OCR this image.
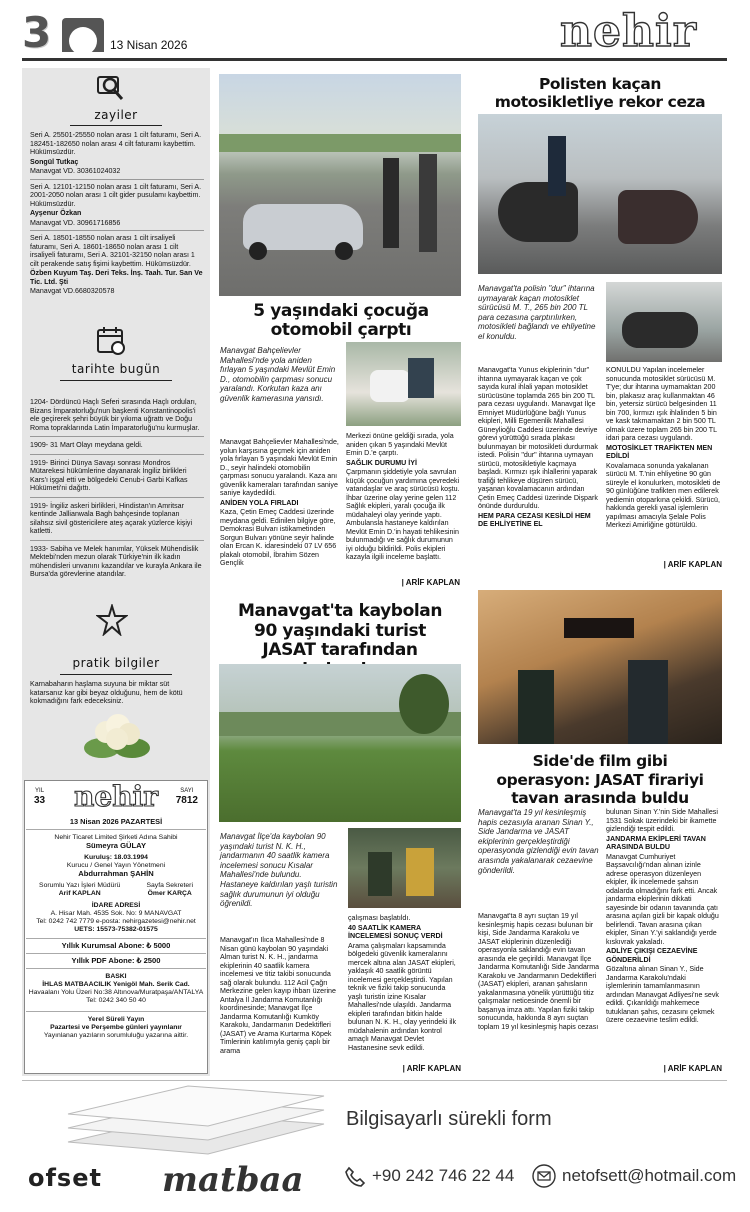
3	13 Nisan 2026	nehir
zayiler

Seri A. 25501-25550 nolan arası 1 cilt faturamı, Seri A. 182451-182650 nolan arası 4 cilt faturamı kaybettim. Hükümsüzdür.

Songül Tutkaç

Manavgat VD. 30361024032

Seri A. 12101-12150 nolan arası 1 cilt faturamı, Seri A. 2001-2050 nolan arası 1 cilt gider pusulamı kaybettim. Hükümsüzdür.

Ayşenur Özkan

Manavgat VD. 30961716856

Seri A. 18501-18550 nolan arası 1 cilt irsaliyeli faturamı, Seri A. 18601-18650 nolan arası 1 cilt irsaliyeli faturamı, Seri A. 32101-32150 nolan arası 1 cilt perakende satış fişimi kaybettim. Hükümsüzdür.

Özben Kuyum Taş. Deri Teks. İnş. Taah. Tur. San Ve Tic. Ltd. Şti

Manavgat VD.6680320578

tarihte bugün

1204- Dördüncü Haçlı Seferi sırasında Haçlı orduları, Bizans İmparatorluğu'nun başkenti Konstantinopolis'i ele geçirerek şehri büyük bir yıkıma uğrattı ve Doğu Roma topraklarında Latin İmparatorluğu'nu kurmuşlar.

1909- 31 Mart Olayı meydana geldi.

1919- Birinci Dünya Savaşı sonrası Mondros Mütarekesi hükümlerine dayanarak İngiliz birlikleri Kars'ı işgal etti ve bölgedeki Cenub-i Garbi Kafkas Hükümeti'ni dağıttı.

1919- İngiliz askeri birlikleri, Hindistan'ın Amritsar kentinde Jallianwala Bagh bahçesinde toplanan silahsız sivil göstericilere ateş açarak yüzlerce kişiyi katletti.

1933- Sabiha ve Melek hanımlar, Yüksek Mühendislik Mektebi'nden mezun olarak Türkiye'nin ilk kadın mühendisleri unvanını kazandılar ve kurayla Ankara ile Bursa'da görevlerine atandılar.

pratik bilgiler
Karnabaharın haşlama suyuna bir miktar süt katarsanız kar gibi beyaz olduğunu, hem de kötü kokmadığını fark edeceksiniz.
YIL
33 nehir	SAYI
7812
13 Nisan 2026 PAZARTESİ
Nehir Ticaret Limited Şirketi Adına Sahibi
Sümeyra GÜLAY
Kuruluş: 18.03.1994
Kurucu / Genel Yayın Yönetmeni
Abdurrahman ŞAHİN
Sorumlu Yazı İşleri Müdürü
Arif KAPLAN
Sayfa Sekreteri
Ömer KARÇA
İDARE ADRESİ
A. Hisar Mah. 4535 Sok. No: 9 MANAVGAT
Tel: 0242 742 7779 e-posta: nehirgazetesi@nehir.net
UETS: 15573-75382-01575
Yıllık Kurumsal Abone: ₺ 5000
Yıllık PDF Abone: ₺ 2500
BASKI
İHLAS MATBAACILIK Yenigöl Mah. Serik Cad.
Havaalanı Yolu Üzeri No:38 Altınova/Muratpaşa/ANTALYA
Tel: 0242 340 50 40
Yerel Süreli Yayın
Pazartesi ve Perşembe günleri yayınlanır
Yayınlanan yazıların sorumluluğu yazarına aittir.
5 yaşındaki çocuğa otomobil çarptı
Manavgat Bahçelievler Mahallesi'nde yola aniden fırlayan 5 yaşındaki Mevlüt Emin D., otomobilin çarpması sonucu yaralandı. Korkutan kaza anı güvenlik kamerasına yansıdı.

Manavgat Bahçelievler Mahallesi'nde, yolun karşısına geçmek için aniden yola fırlayan 5 yaşındaki Mevlüt Emin D., seyir halindeki otomobilin çarpması sonucu yaralandı. Kaza anı güvenlik kameraları tarafından saniye saniye kaydedildi.

ANİDEN YOLA FIRLADI

Kaza, Çetin Emeç Caddesi üzerinde meydana geldi. Edinilen bilgiye göre, Demokrasi Bulvarı istikametinden Sorgun Bulvarı yönüne seyir halinde olan Ercan K. idaresindeki 07 LV 656 plakalı otomobil, İbrahim Sözen Gençlik

Merkezi önüne geldiği sırada, yola aniden çıkan 5 yaşındaki Mevlüt Emin D.'e çarptı.

SAĞLIK DURUMU İYİ

Çarpmanın şiddetiyle yola savrulan küçük çocuğun yardımına çevredeki vatandaşlar ve araç sürücüsü koştu. İhbar üzerine olay yerine gelen 112 Sağlık ekipleri, yaralı çocuğa ilk müdahaleyi olay yerinde yaptı. Ambulansla hastaneye kaldırılan Mevlüt Emin D.'in hayati tehlikesinin bulunmadığı ve sağlık durumunun iyi olduğu bildirildi. Polis ekipleri kazayla ilgili inceleme başlattı.

| ARİF KAPLAN
Polisten kaçan motosikletliye rekor ceza
Manavgat'ta polisin "dur" ihtarına uymayarak kaçan motosiklet sürücüsü M. T., 265 bin 200 TL para cezasına çarptırılırken, motosikleti bağlandı ve ehliyetine el konuldu.

Manavgat'ta Yunus ekiplerinin "dur" ihtarına uymayarak kaçan ve çok sayıda kural ihlali yapan motosiklet sürücüsüne toplamda 265 bin 200 TL para cezası uygulandı. Manavgat İlçe Emniyet Müdürlüğüne bağlı Yunus ekipleri, Milli Egemenlik Mahallesi Güneylioğlu Caddesi üzerinde devriye görevi yürüttüğü sırada plakası bulunmayan bir motosikleti durdurmak istedi. Polisin "dur" ihtarına uymayan sürücü, motosikletiyle kaçmaya başladı. Kırmızı ışık ihlallerini yaparak trafiği tehlikeye düşüren sürücü, yaşanan kovalamacanın ardından Çetin Emeç Caddesi üzerinde Dişpark önünde durduruldu.

HEM PARA CEZASI KESİLDİ HEM DE EHLİYETİNE EL

KONULDU Yapılan incelemeler sonucunda motosiklet sürücüsü M. T'ye; dur ihtarına uymamaktan 200 bin, plakasız araç kullanmaktan 46 bin, yetersiz sürücü belgesinden 11 bin 700, kırmızı ışık ihlalinden 5 bin ve kask takmamaktan 2 bin 500 TL olmak üzere toplam 265 bin 200 TL idari para cezası uygulandı.

MOTOSİKLET TRAFİKTEN MEN EDİLDİ

Kovalamaca sonunda yakalanan sürücü M. T.'nin ehliyetine 90 gün süreyle el konulurken, motosikleti de 90 günlüğüne trafikten men edilerek yediemin otoparkına çekildi. Sürücü, hakkında gerekli yasal işlemlerin yapılması amacıyla Şelale Polis Merkezi Amirliğine götürüldü.

| ARİF KAPLAN
Manavgat'ta kaybolan 90 yaşındaki turist JASAT tarafından
Manavgat İlçe'da kaybolan 90 yaşındaki turist N. K. H., jandarmanın 40 saatlik kamera incelemesi sonucu Kısalar Mahallesi'nde bulundu. Hastaneye kaldırılan yaşlı turistin sağlık durumunun iyi olduğu öğrenildi.
Manavgat'ın Ilıca Mahallesi'nde 8 Nisan günü kaybolan 90 yaşındaki Alman turist N. K. H., jandarma ekiplerinin 40 saatlik kamera incelemesi ve titiz takibi sonucunda sağ olarak bulundu. 112 Acil Çağrı Merkezine gelen kayıp ihbarı üzerine Antalya İl Jandarma Komutanlığı koordinesinde; Manavgat İlçe Jandarma Komutanlığı Kumköy Karakolu, Jandarmanın Dedektifleri (JASAT) ve Arama Kurtarma Köpek Timlerinin katılımıyla geniş çaplı bir arama

çalışması başlatıldı.

40 SAATLİK KAMERA İNCELEMESİ SONUÇ VERDİ

Arama çalışmaları kapsamında bölgedeki güvenlik kameralarını mercek altına alan JASAT ekipleri, yaklaşık 40 saatlik görüntü incelemesi gerçekleştirdi. Yapılan teknik ve fiziki takip sonucunda yaşlı turistin izine Kısalar Mahallesi'nde ulaşıldı. Jandarma ekipleri tarafından bitkin halde bulunan N. K. H., olay yerindeki ilk müdahalenin ardından kontrol amaçlı Manavgat Devlet Hastanesine sevk edildi.

| ARİF KAPLAN
Side'de film gibi operasyon: JASAT firariyi tavan arasında buldu
Manavgat'ta 19 yıl kesinleşmiş hapis cezasıyla aranan Sinan Y., Side Jandarma ve JASAT ekiplerinin gerçekleştirdiği operasyonda gizlendiği evin tavan arasında yakalanarak cezaevine gönderildi.
Manavgat'ta 8 ayrı suçtan 19 yıl kesinleşmiş hapis cezası bulunan bir kişi, Side Jandarma Karakolu ve JASAT ekiplerinin düzenlediği operasyonla saklandığı evin tavan arasında ele geçirildi. Manavgat İlçe Jandarma Komutanlığı Side Jandarma Karakolu ve Jandarmanın Dedektifleri (JASAT) ekipleri, aranan şahısların yakalanmasına yönelik yürüttüğü titiz çalışmalar neticesinde önemli bir başarıya imza attı. Yapılan fiziki takip sonucunda, hakkında 8 ayrı suçtan toplam 19 yıl kesinleşmiş hapis cezası

bulunan Sinan Y.'nin Side Mahallesi 1531 Sokak üzerindeki bir ikamette gizlendiği tespit edildi.

JANDARMA EKİPLERİ TAVAN ARASINDA BULDU

Manavgat Cumhuriyet Başsavcılığı'ndan alınan izinle adrese operasyon düzenleyen ekipler, ilk incelemede şahsın odalarda olmadığını fark etti. Ancak jandarma ekiplerinin dikkati sayesinde bir odanın tavanında çatı arasına açılan gizli bir kapak olduğu belirlendi. Tavan arasına çıkan ekipler, Sinan Y.'yi saklandığı yerde kıskıvrak yakaladı.

ADLİYE ÇIKIŞI CEZAEVİNE GÖNDERİLDİ

Gözaltına alınan Sinan Y., Side Jandarma Karakolu'ndaki işlemlerinin tamamlanmasının ardından Manavgat Adliyesi'ne sevk edildi. Çıkarıldığı mahkemece tutuklanan şahıs, cezasını çekmek üzere cezaevine teslim edildi.

| ARİF KAPLAN
Bilgisayarlı sürekli form
ofset matbaa	+90 242 746 22 44	netofsett@hotmail.com
